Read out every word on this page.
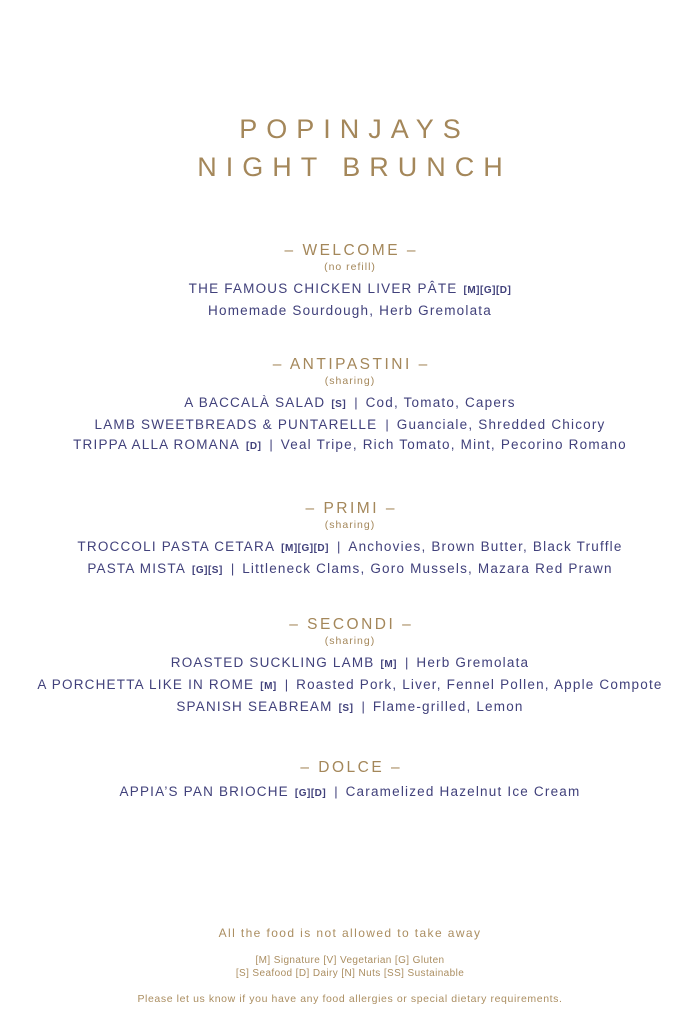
POPINJAYS
NIGHT BRUNCH
– WELCOME –
(no refill)
THE FAMOUS CHICKEN LIVER PÂTE [M][G][D]
Homemade Sourdough, Herb Gremolata
– ANTIPASTINI –
(sharing)
A BACCALÀ SALAD [S] | Cod, Tomato, Capers
LAMB SWEETBREADS & PUNTARELLE | Guanciale, Shredded Chicory
TRIPPA ALLA ROMANA [D] | Veal Tripe, Rich Tomato, Mint, Pecorino Romano
– PRIMI –
(sharing)
TROCCOLI PASTA CETARA [M][G][D] | Anchovies, Brown Butter, Black Truffle
PASTA MISTA [G][S] | Littleneck Clams, Goro Mussels, Mazara Red Prawn
– SECONDI –
(sharing)
ROASTED SUCKLING LAMB [M] | Herb Gremolata
A PORCHETTA LIKE IN ROME [M] | Roasted Pork, Liver, Fennel Pollen, Apple Compote
SPANISH SEABREAM [S] | Flame-grilled, Lemon
– DOLCE –
APPIA’S PAN BRIOCHE [G][D] | Caramelized Hazelnut Ice Cream
All the food is not allowed to take away
[M] Signature [V] Vegetarian [G] Gluten
[S] Seafood [D] Dairy [N] Nuts [SS] Sustainable
Please let us know if you have any food allergies or special dietary requirements.
